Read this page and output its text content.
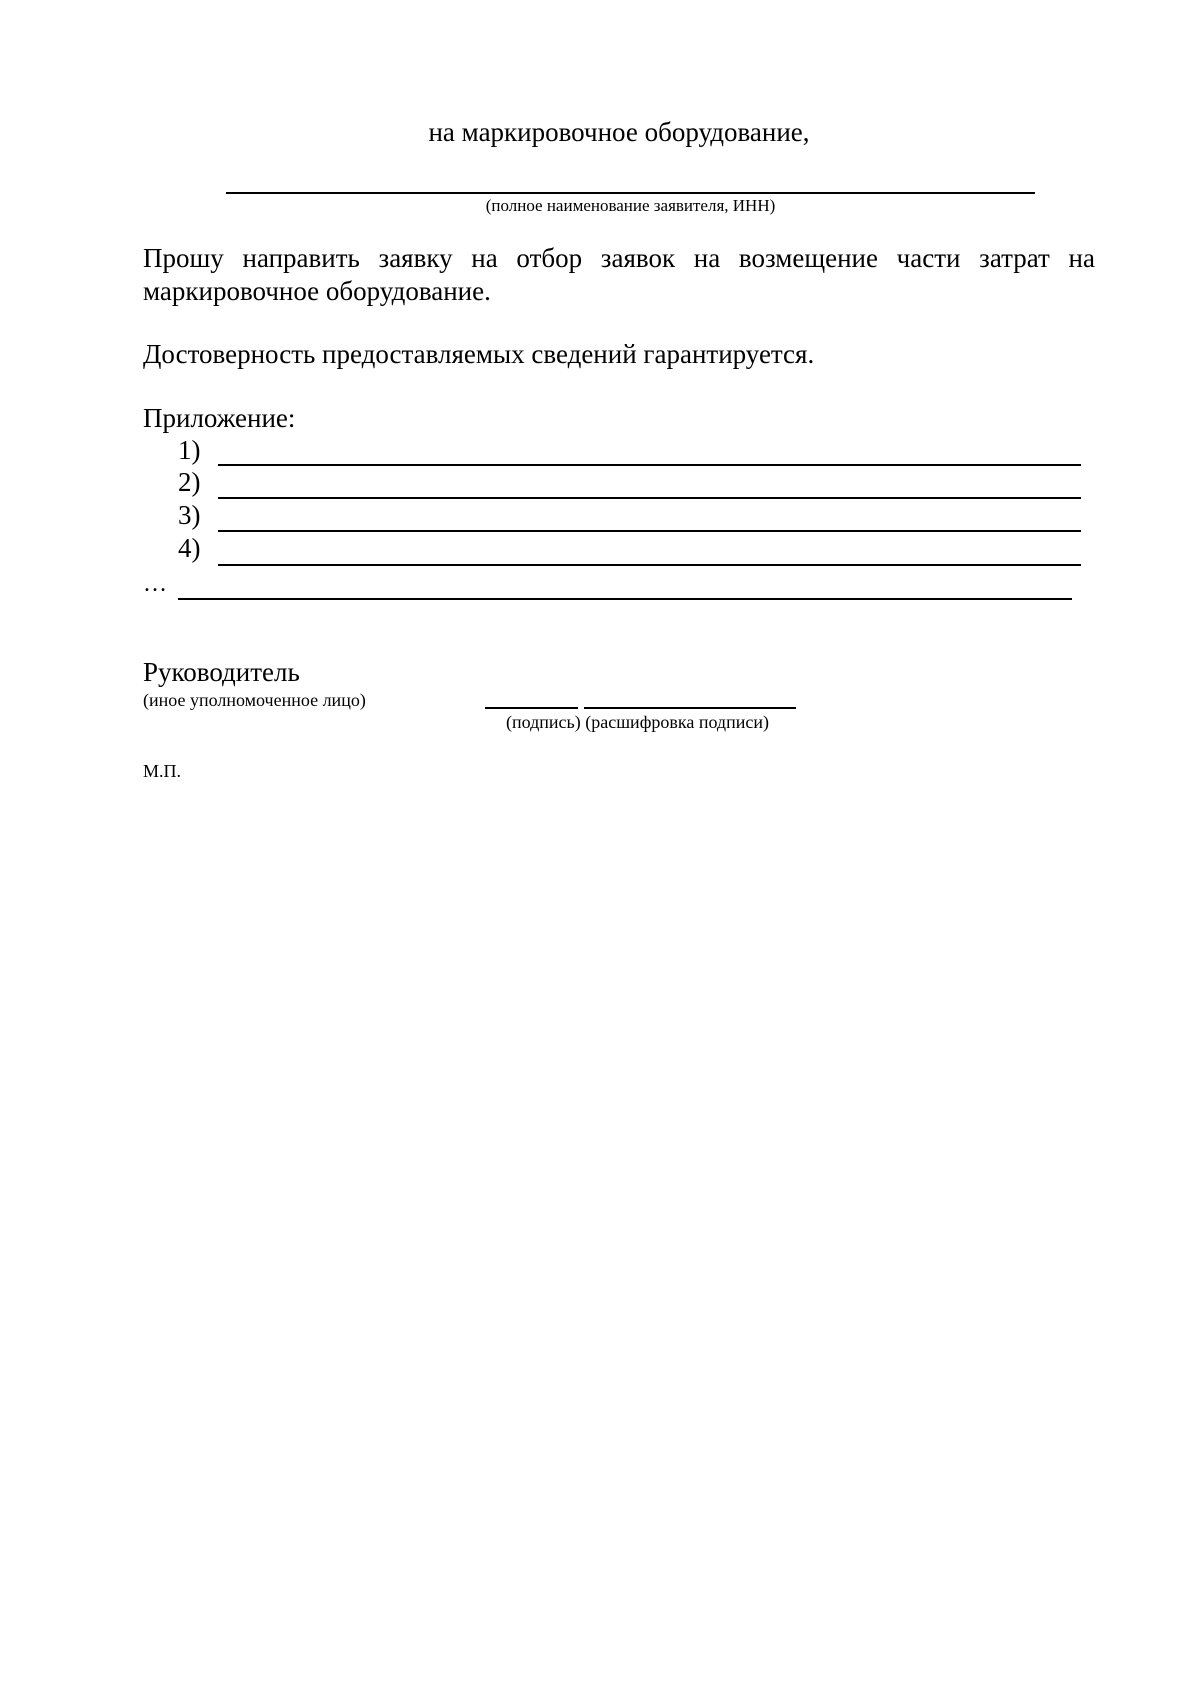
на маркировочное оборудование,
(полное наименование заявителя, ИНН)
Прошу направить заявку на отбор заявок на возмещение части затрат на маркировочное оборудование.
Достоверность предоставляемых сведений гарантируется.
Приложение:
1)
2)
3)
4)
…
Руководитель
(иное уполномоченное лицо)
(подпись) (расшифровка подписи)
М.П.
